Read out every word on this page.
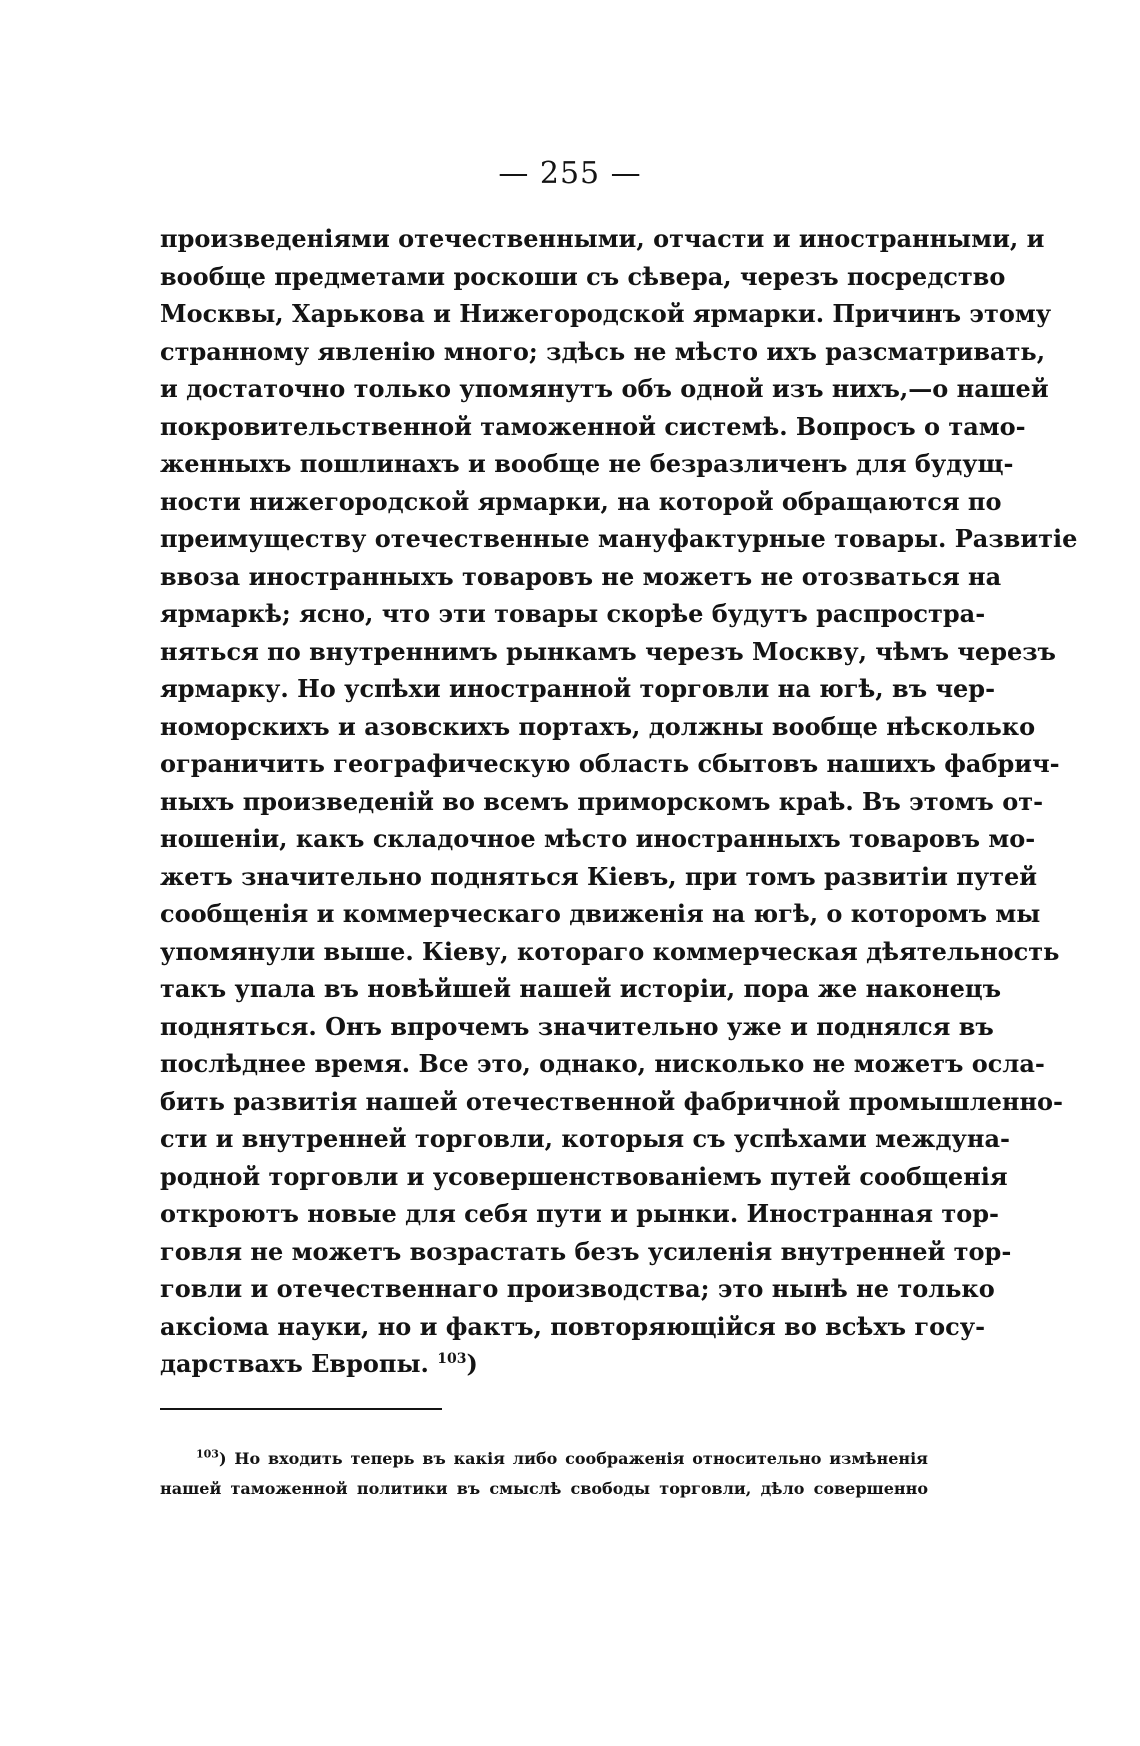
— 255 —
произведеніями отечественными, отчасти и иностранными, и
вообще предметами роскоши съ сѣвера, черезъ посредство
Москвы, Харькова и Нижегородской ярмарки. Причинъ этому
странному явленію много; здѣсь не мѣсто ихъ разсматривать,
и достаточно только упомянутъ объ одной изъ нихъ,—о нашей
покровительственной таможенной системѣ. Вопросъ о тамо-
женныхъ пошлинахъ и вообще не безразличенъ для будущ-
ности нижегородской ярмарки, на которой обращаются по
преимуществу отечественные мануфактурные товары. Развитіе
ввоза иностранныхъ товаровъ не можетъ не отозваться на
ярмаркѣ; ясно, что эти товары скорѣе будутъ распростра-
няться по внутреннимъ рынкамъ черезъ Москву, чѣмъ черезъ
ярмарку. Но успѣхи иностранной торговли на югѣ, въ чер-
номорскихъ и азовскихъ портахъ, должны вообще нѣсколько
ограничить географическую область сбытовъ нашихъ фабрич-
ныхъ произведеній во всемъ приморскомъ краѣ. Въ этомъ от-
ношеніи, какъ складочное мѣсто иностранныхъ товаровъ мо-
жетъ значительно подняться Кіевъ, при томъ развитіи путей
сообщенія и коммерческаго движенія на югѣ, о которомъ мы
упомянули выше. Кіеву, котораго коммерческая дѣятельность
такъ упала въ новѣйшей нашей исторіи, пора же наконецъ
подняться. Онъ впрочемъ значительно уже и поднялся въ
послѣднее время. Все это, однако, нисколько не можетъ осла-
бить развитія нашей отечественной фабричной промышленно-
сти и внутренней торговли, которыя съ успѣхами междуна-
родной торговли и усовершенствованіемъ путей сообщенія
откроютъ новые для себя пути и рынки. Иностранная тор-
говля не можетъ возрастать безъ усиленія внутренней тор-
говли и отечественнаго производства; это нынѣ не только
аксіома науки, но и фактъ, повторяющійся во всѣхъ госу-
дарствахъ Европы. $^{103}$)
$^{103}$) Но входить теперь въ какія либо соображенія относительно измѣненія
нашей таможенной политики въ смыслѣ свободы торговли, дѣло совершенно
